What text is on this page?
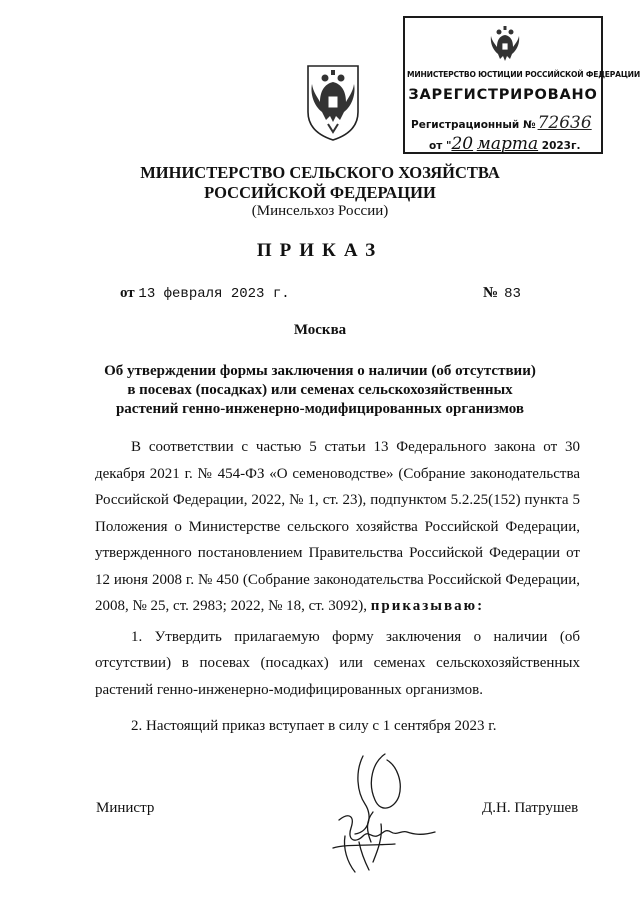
МИНИСТЕРСТВО ЮСТИЦИИ РОССИЙСКОЙ ФЕДЕРАЦИИ
ЗАРЕГИСТРИРОВАНО
Регистрационный № 72636
от "20 марта 2023г.
МИНИСТЕРСТВО СЕЛЬСКОГО ХОЗЯЙСТВА
РОССИЙСКОЙ ФЕДЕРАЦИИ
(Минсельхоз России)
ПРИКАЗ
от 13 февраля 2023 г.	№ 83
Москва
Об утверждении формы заключения о наличии (об отсутствии)
в посевах (посадках) или семенах сельскохозяйственных
растений генно-инженерно-модифицированных организмов

В соответствии с частью 5 статьи 13 Федерального закона от 30 декабря 2021 г. № 454-ФЗ «О семеноводстве» (Собрание законодательства Российской Федерации, 2022, № 1, ст. 23), подпунктом 5.2.25(152) пункта 5 Положения о Министерстве сельского хозяйства Российской Федерации, утвержденного постановлением Правительства Российской Федерации от 12 июня 2008 г. № 450 (Собрание законодательства Российской Федерации, 2008, № 25, ст. 2983; 2022, № 18, ст. 3092), приказываю:

1. Утвердить прилагаемую форму заключения о наличии (об отсутствии) в посевах (посадках) или семенах сельскохозяйственных растений генно-инженерно-модифицированных организмов.

2. Настоящий приказ вступает в силу с 1 сентября 2023 г.

Министр	Д.Н. Патрушев
